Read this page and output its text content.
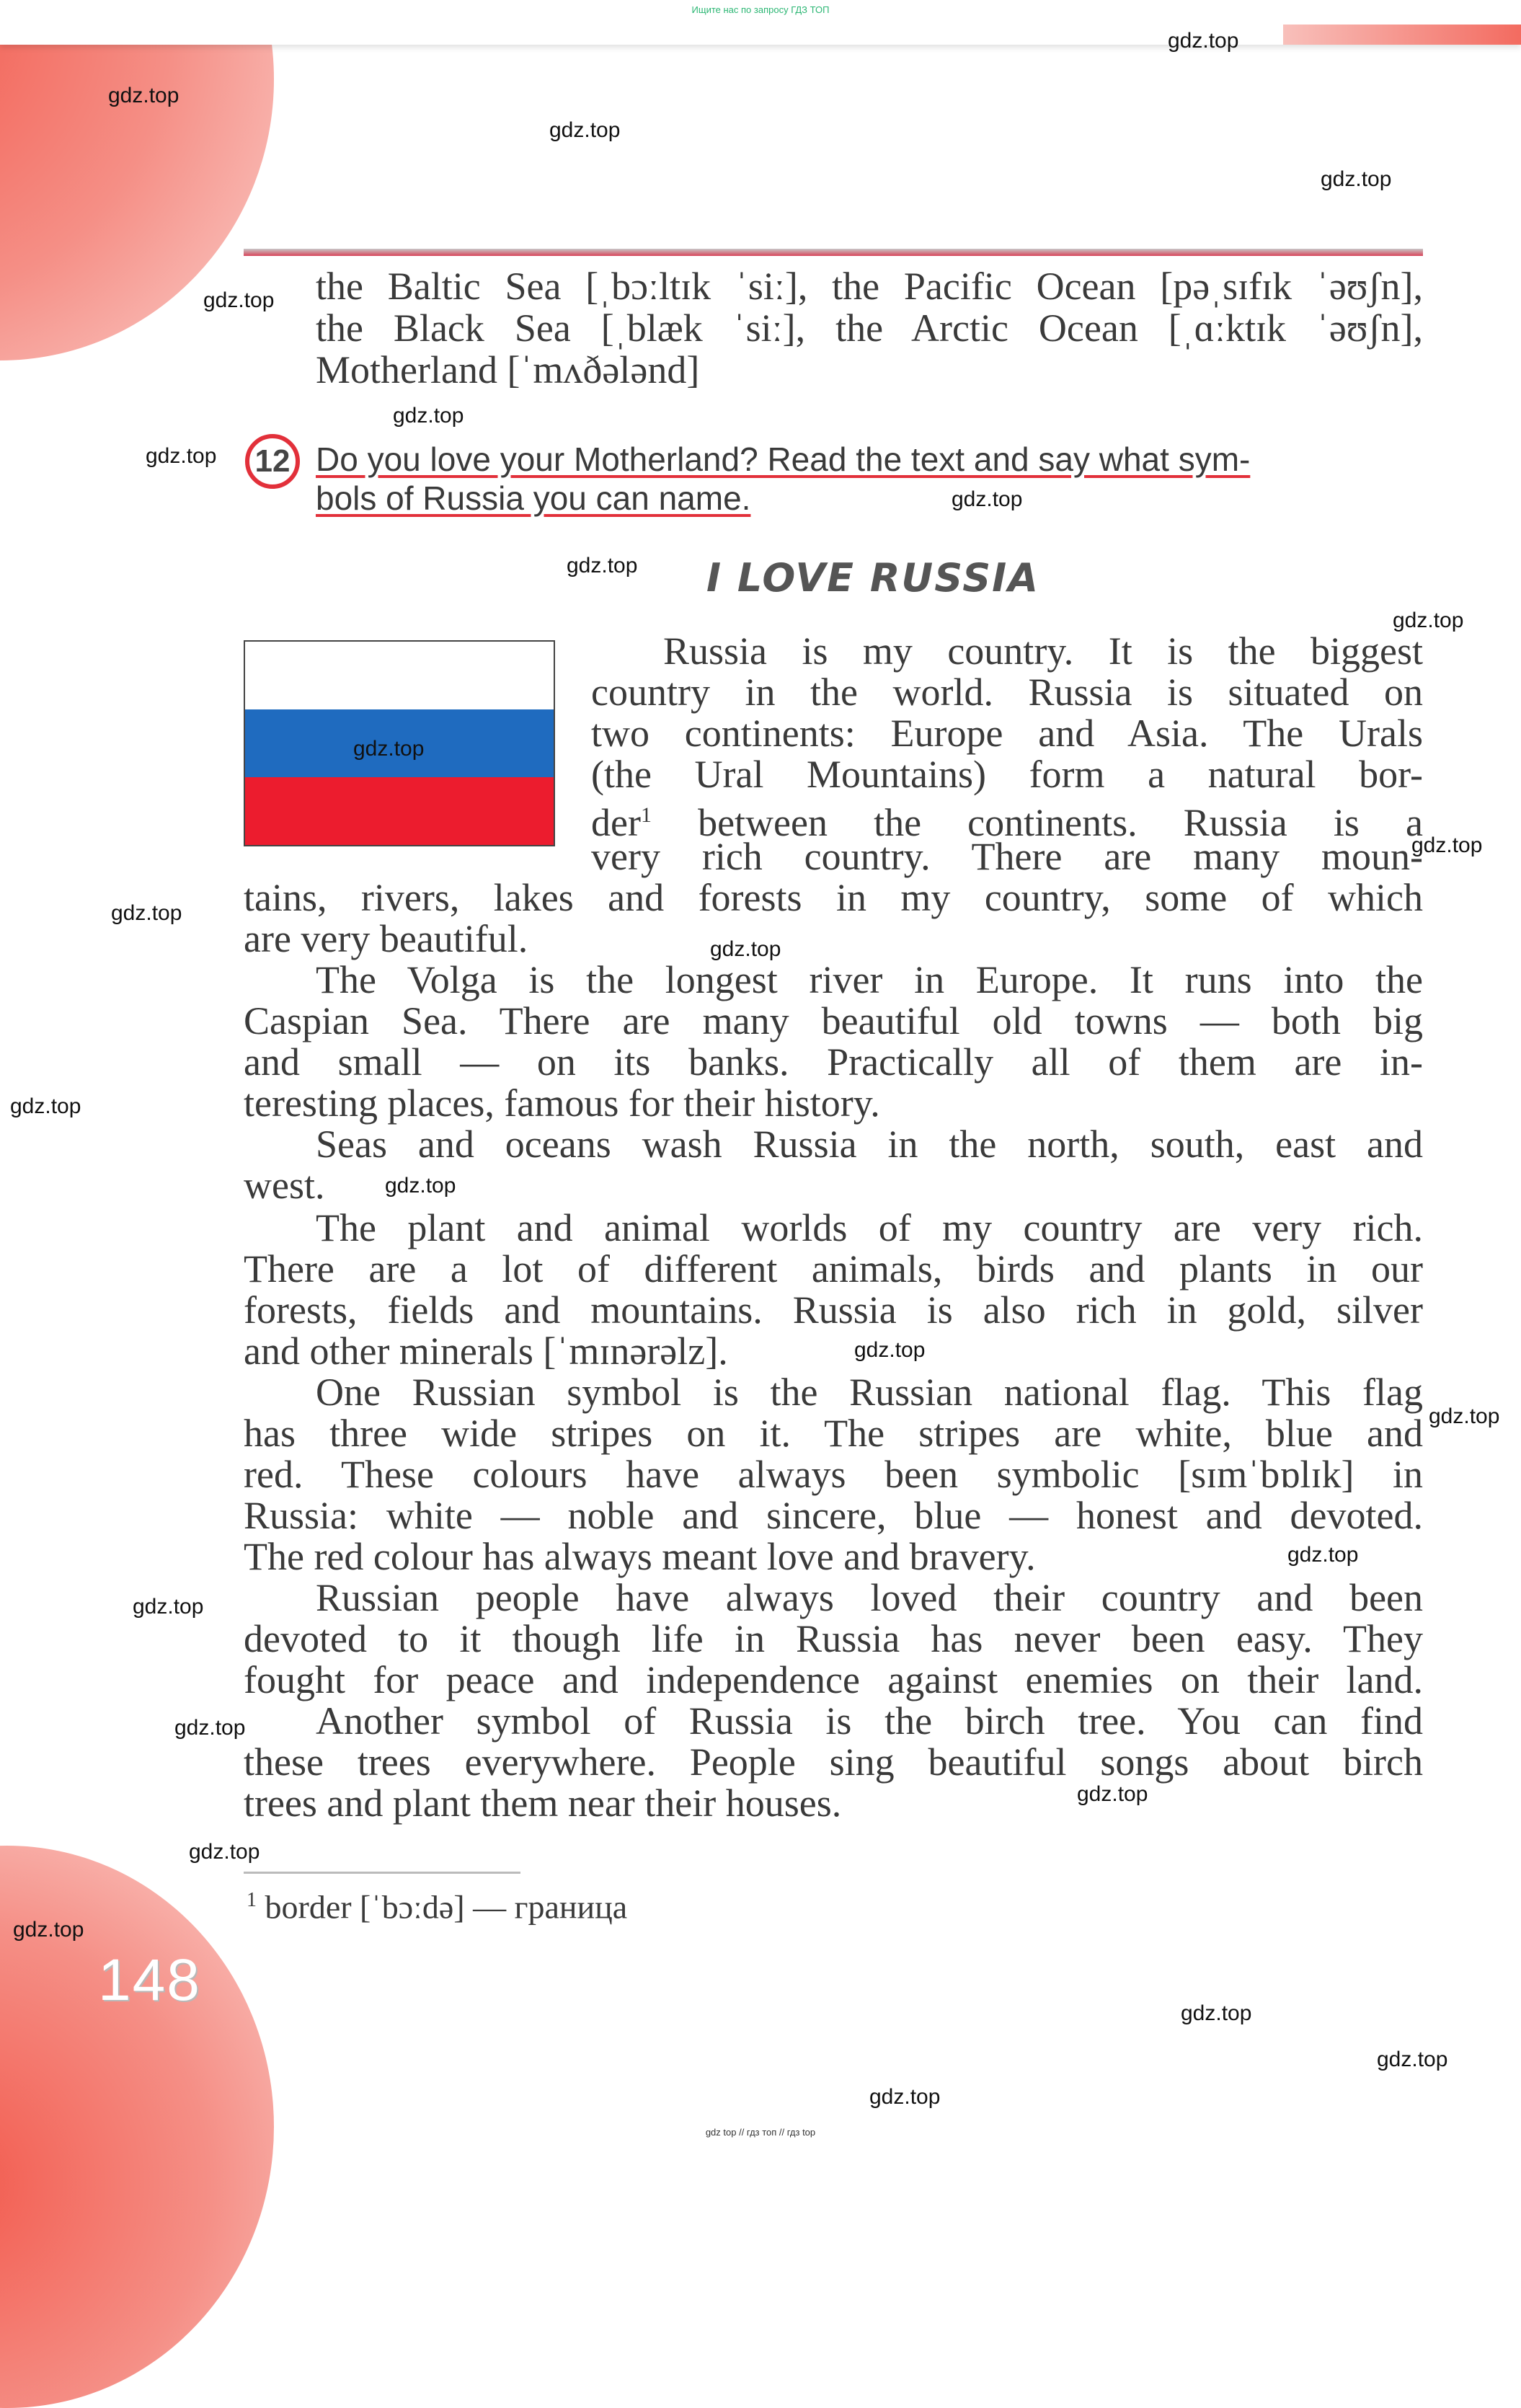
Ищите нас по запросу ГДЗ ТОП
the Baltic Sea [ˌbɔːltɪk ˈsiː], the Pacific Ocean [pəˌsɪfɪk ˈəʊʃn],
the Black Sea [ˌblæk ˈsiː], the Arctic Ocean [ˌɑːktɪk ˈəʊʃn],
Motherland [ˈmʌðələnd]
12 Do you love your Motherland? Read the text and say what sym-
bols of Russia you can name.
I LOVE RUSSIA
Russia is my country. It is the biggest
country in the world. Russia is situated on
two continents: Europe and Asia. The Urals
(the Ural Mountains) form a natural bor-
der$^1$ between the continents. Russia is a
very rich country. There are many moun-
tains, rivers, lakes and forests in my country, some of which
are very beautiful.
The Volga is the longest river in Europe. It runs into the
Caspian Sea. There are many beautiful old towns — both big
and small — on its banks. Practically all of them are in-
teresting places, famous for their history.
Seas and oceans wash Russia in the north, south, east and
west.
The plant and animal worlds of my country are very rich.
There are a lot of different animals, birds and plants in our
forests, fields and mountains. Russia is also rich in gold, silver
and other minerals [ˈmɪnərəlz].
One Russian symbol is the Russian national flag. This flag
has three wide stripes on it. The stripes are white, blue and
red. These colours have always been symbolic [sɪmˈbɒlɪk] in
Russia: white — noble and sincere, blue — honest and devoted.
The red colour has always meant love and bravery.
Russian people have always loved their country and been
devoted to it though life in Russia has never been easy. They
fought for peace and independence against enemies on their land.
Another symbol of Russia is the birch tree. You can find
these trees everywhere. People sing beautiful songs about birch
trees and plant them near their houses.
$^1$ border [ˈbɔːdə] — граница
148
gdz.top
gdz.top
gdz.top
gdz.top
gdz.top
gdz.top
gdz.top
gdz.top
gdz.top
gdz.top
gdz.top
gdz.top
gdz.top
gdz.top
gdz.top
gdz.top
gdz.top
gdz.top
gdz.top
gdz.top
gdz.top
gdz.top
gdz.top
gdz.top
gdz.top
gdz.top
gdz.top
gdz top // гдз топ // гдз top
